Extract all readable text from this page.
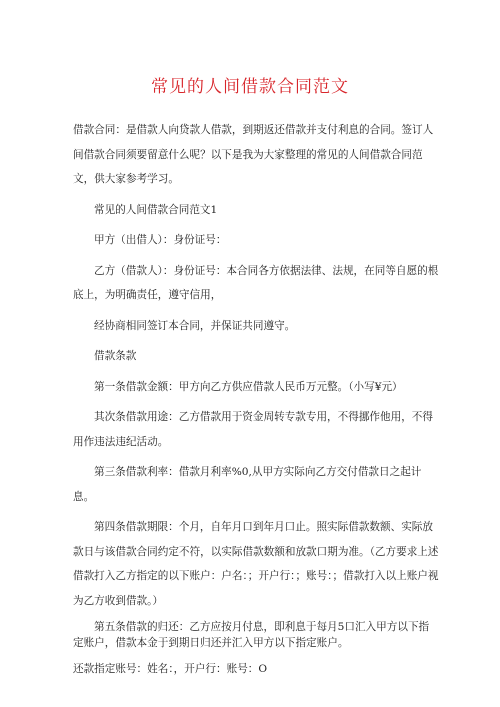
常见的人间借款合同范文

借款合同：是借款人向贷款人借款，到期返还借款并支付利息的合同。签订人间借款合同须要留意什么呢？以下是我为大家整理的常见的人间借款合同范文，供大家参考学习。

常见的人间借款合同范文1

甲方（出借人）：身份证号：

乙方（借款人）：身份证号：本合同各方依据法律、法规，在同等自愿的根底上，为明确责任，遵守信用，

经协商相同签订本合同，并保证共同遵守。

借款条款

第一条借款金额：甲方向乙方供应借款人民币万元整。（小写¥元）

其次条借款用途：乙方借款用于资金周转专款专用，不得挪作他用，不得用作违法违纪活动。

第三条借款利率：借款月利率%0,从甲方实际向乙方交付借款日之起计息。

第四条借款期限：个月，自年月口到年月口止。照实际借款数额、实际放款日与该借款合同约定不符，以实际借款数额和放款口期为准。（乙方要求上述借款打入乙方指定的以下账户：户名：；开户行：；账号：；借款打入以上账户视为乙方收到借款。）

第五条借款的归还：乙方应按月付息，即利息于每月5口汇入甲方以下指定账户，借款本金于到期日归还并汇入甲方以下指定账户。

还款指定账号：姓名：，开户行：账号：O
